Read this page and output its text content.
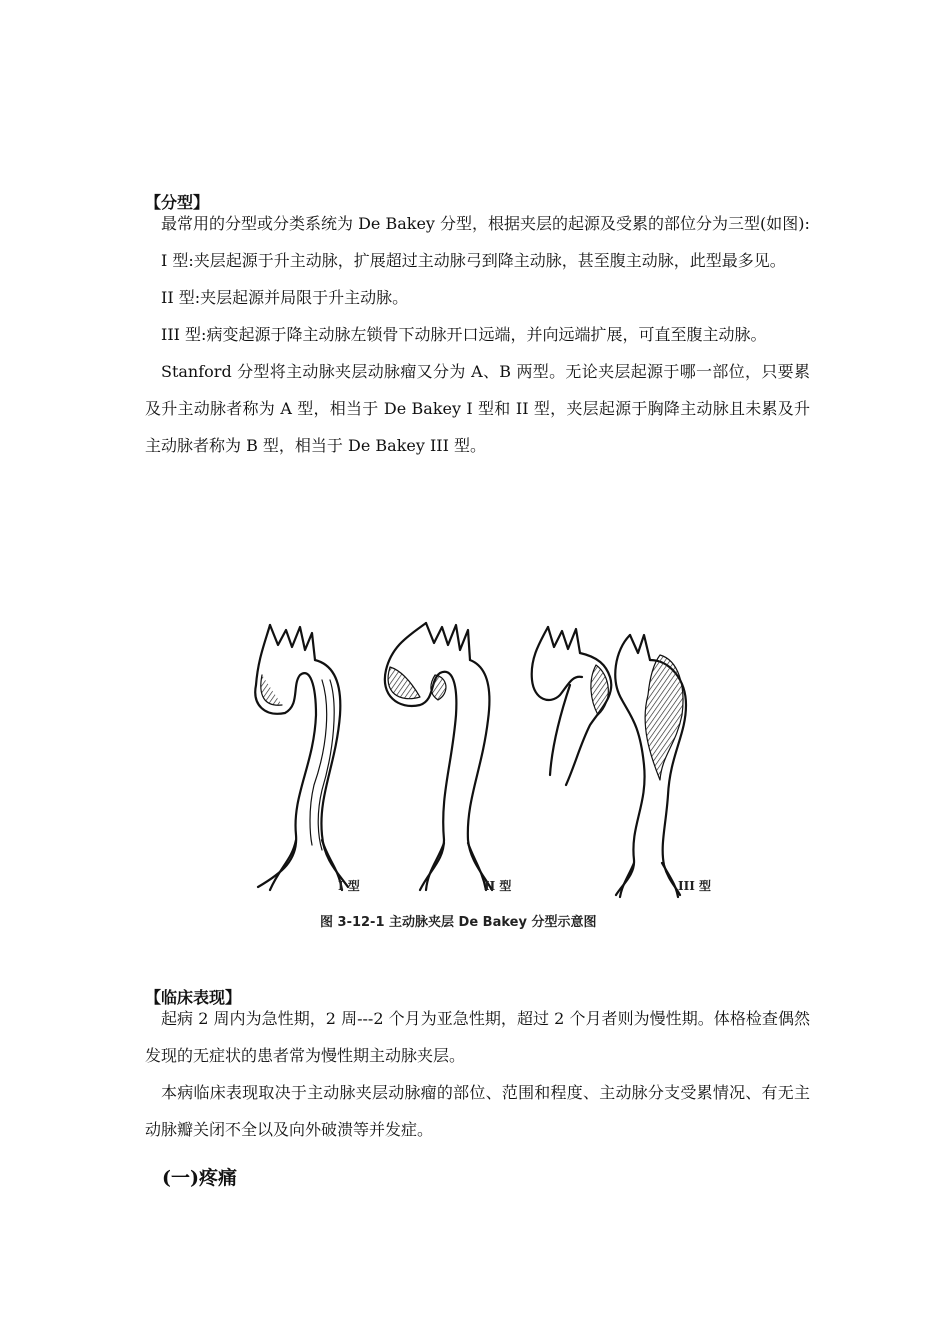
【分型】

最常用的分型或分类系统为 De Bakey 分型，根据夹层的起源及受累的部位分为三型(如图):

I 型:夹层起源于升主动脉，扩展超过主动脉弓到降主动脉，甚至腹主动脉，此型最多见。

II 型:夹层起源并局限于升主动脉。

III 型:病变起源于降主动脉左锁骨下动脉开口远端，并向远端扩展，可直至腹主动脉。

Stanford 分型将主动脉夹层动脉瘤又分为 A、B 两型。无论夹层起源于哪一部位，只要累及升主动脉者称为 A 型，相当于 De Bakey I 型和 II 型，夹层起源于胸降主动脉且未累及升主动脉者称为 B 型，相当于 De Bakey III 型。

I 型	II 型	III 型
图 3-12-1 主动脉夹层 De Bakey 分型示意图
【临床表现】

起病 2 周内为急性期，2 周---2 个月为亚急性期，超过 2 个月者则为慢性期。体格检查偶然发现的无症状的患者常为慢性期主动脉夹层。

本病临床表现取决于主动脉夹层动脉瘤的部位、范围和程度、主动脉分支受累情况、有无主动脉瓣关闭不全以及向外破溃等并发症。

(一)疼痛
